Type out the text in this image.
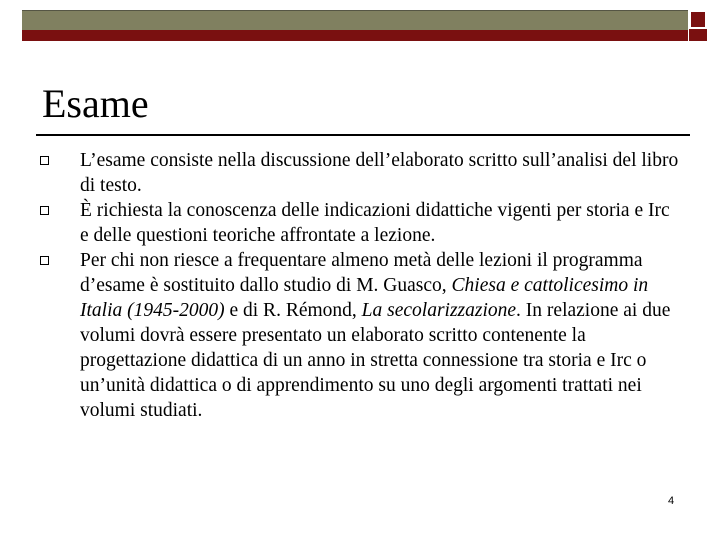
Esame
L’esame consiste nella discussione dell’elaborato scritto sull’analisi del libro di testo.
È richiesta la conoscenza delle indicazioni didattiche vigenti per storia e Irc e delle questioni teoriche affrontate a lezione.
Per chi non riesce a frequentare almeno metà delle lezioni il programma d’esame è sostituito dallo studio di M. Guasco, Chiesa e cattolicesimo in Italia (1945-2000) e di R. Rémond, La secolarizzazione. In relazione ai due volumi dovrà essere presentato un elaborato scritto contenente la progettazione didattica di un anno in stretta connessione tra storia e Irc o un’unità didattica o di apprendimento su uno degli argomenti trattati nei volumi studiati.
4
